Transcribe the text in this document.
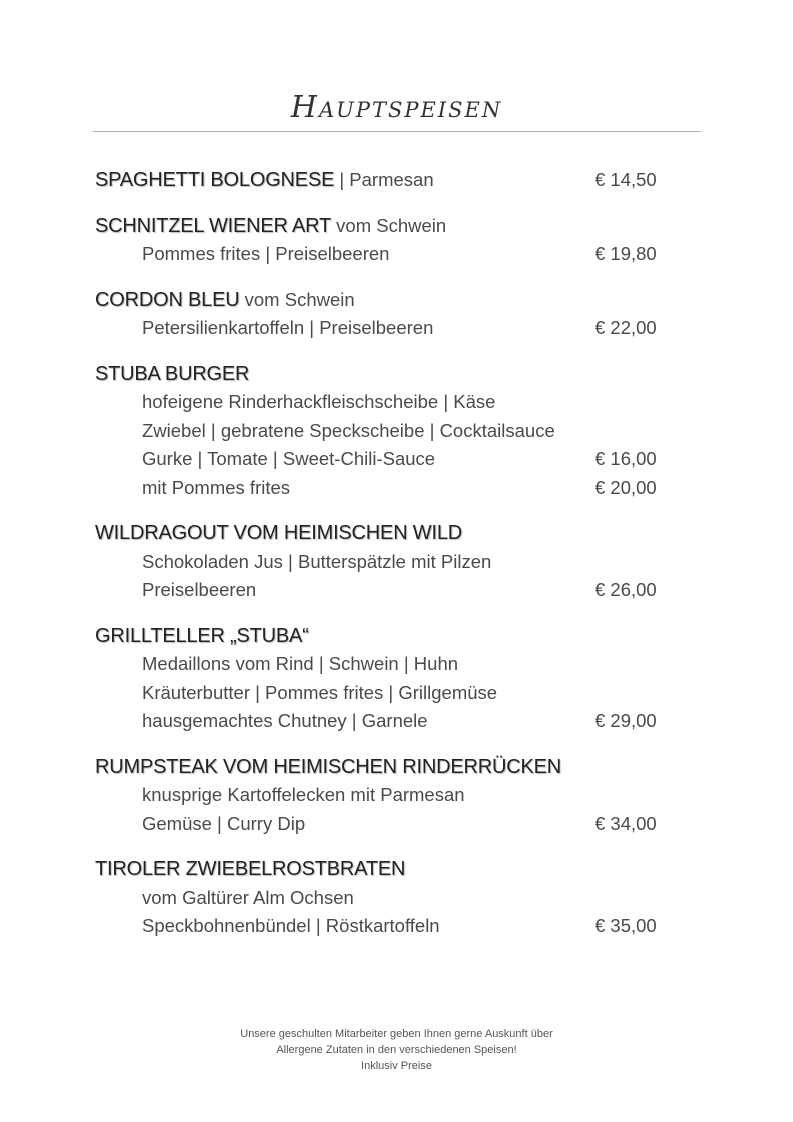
Hauptspeisen
SPAGHETTI BOLOGNESE | Parmesan	€ 14,50
SCHNITZEL WIENER ART vom Schwein
Pommes frites | Preiselbeeren	€ 19,80
CORDON BLEU vom Schwein
Petersilienkartoffeln | Preiselbeeren	€ 22,00
STUBA BURGER
hofeigene Rinderhackfleischscheibe | Käse
Zwiebel | gebratene Speckscheibe | Cocktailsauce
Gurke | Tomate | Sweet-Chili-Sauce	€ 16,00
mit Pommes frites	€ 20,00
WILDRAGOUT VOM HEIMISCHEN WILD
Schokoladen Jus | Butterspätzle mit Pilzen
Preiselbeeren	€ 26,00
GRILLTELLER „STUBA“
Medaillons vom Rind | Schwein | Huhn
Kräuterbutter | Pommes frites | Grillgemüse
hausgemachtes Chutney | Garnele	€ 29,00
RUMPSTEAK VOM HEIMISCHEN RINDERRÜCKEN
knusprige Kartoffelecken mit Parmesan
Gemüse | Curry Dip	€ 34,00
TIROLER ZWIEBELROSTBRATEN
vom Galtürer Alm Ochsen
Speckbohnenbündel | Röstkartoffeln	€ 35,00
Unsere geschulten Mitarbeiter geben Ihnen gerne Auskunft über
Allergene Zutaten in den verschiedenen Speisen!
Inklusiv Preise
